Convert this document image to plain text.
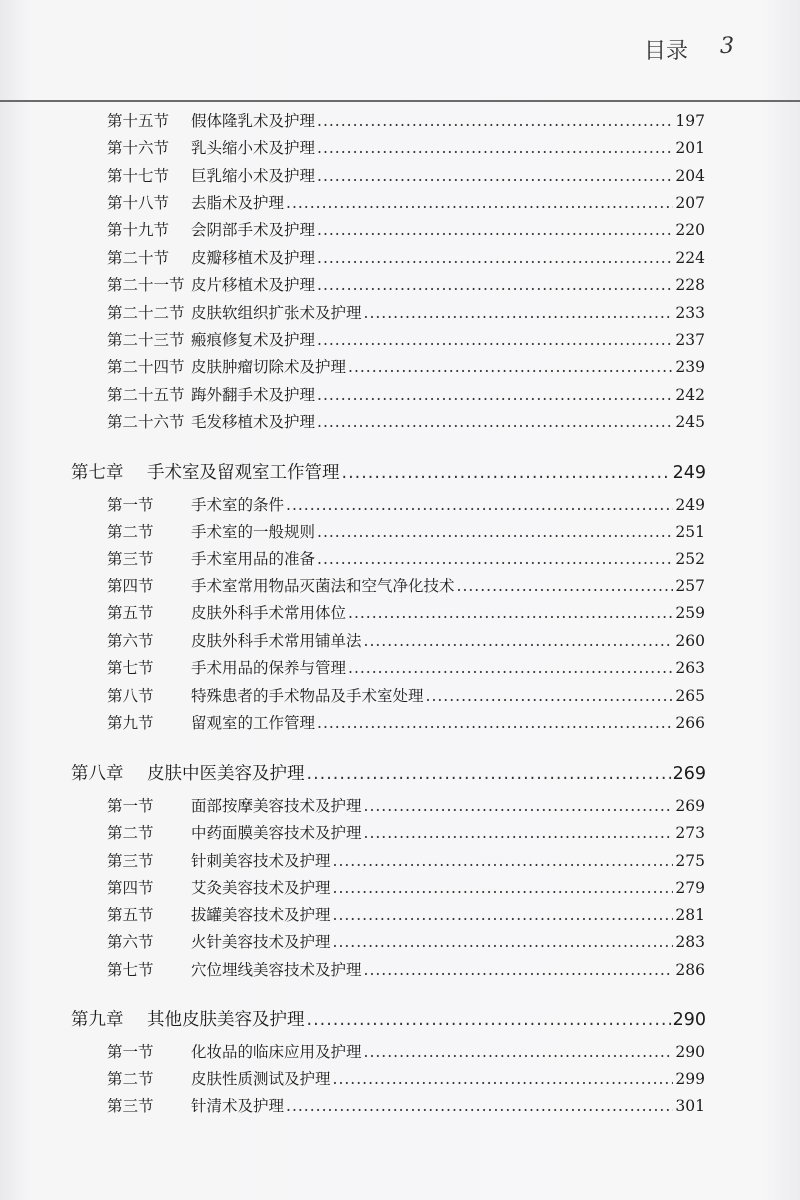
目录 3
第十五节	假体隆乳术及护理 .....	197
第十六节	乳头缩小术及护理 .....	201
第十七节	巨乳缩小术及护理 .....	204
第十八节	去脂术及护理 .....	207
第十九节	会阴部手术及护理 .....	220
第二十节	皮瓣移植术及护理 .....	224
第二十一节 皮片移植术及护理 .....	228
第二十二节 皮肤软组织扩张术及护理 .....	233
第二十三节 瘢痕修复术及护理 .....	237
第二十四节 皮肤肿瘤切除术及护理 .....	239
第二十五节 踇外翻手术及护理 .....	242
第二十六节 毛发移植术及护理 .....	245
第七章	手术室及留观室工作管理 .....	249
第一节	手术室的条件 .....	249
第二节	手术室的一般规则 .....	251
第三节	手术室用品的准备 .....	252
第四节	手术室常用物品灭菌法和空气净化技术 .....	257
第五节	皮肤外科手术常用体位 .....	259
第六节	皮肤外科手术常用铺单法 .....	260
第七节	手术用品的保养与管理 .....	263
第八节	特殊患者的手术物品及手术室处理 .....	265
第九节	留观室的工作管理 .....	266
第八章	皮肤中医美容及护理 .....	269
第一节	面部按摩美容技术及护理 .....	269
第二节	中药面膜美容技术及护理 .....	273
第三节	针刺美容技术及护理 .....	275
第四节	艾灸美容技术及护理 .....	279
第五节	拔罐美容技术及护理 .....	281
第六节	火针美容技术及护理 .....	283
第七节	穴位埋线美容技术及护理 .....	286
第九章	其他皮肤美容及护理 .....	290
第一节	化妆品的临床应用及护理 .....	290
第二节	皮肤性质测试及护理 .....	299
第三节	针清术及护理 .....	301
